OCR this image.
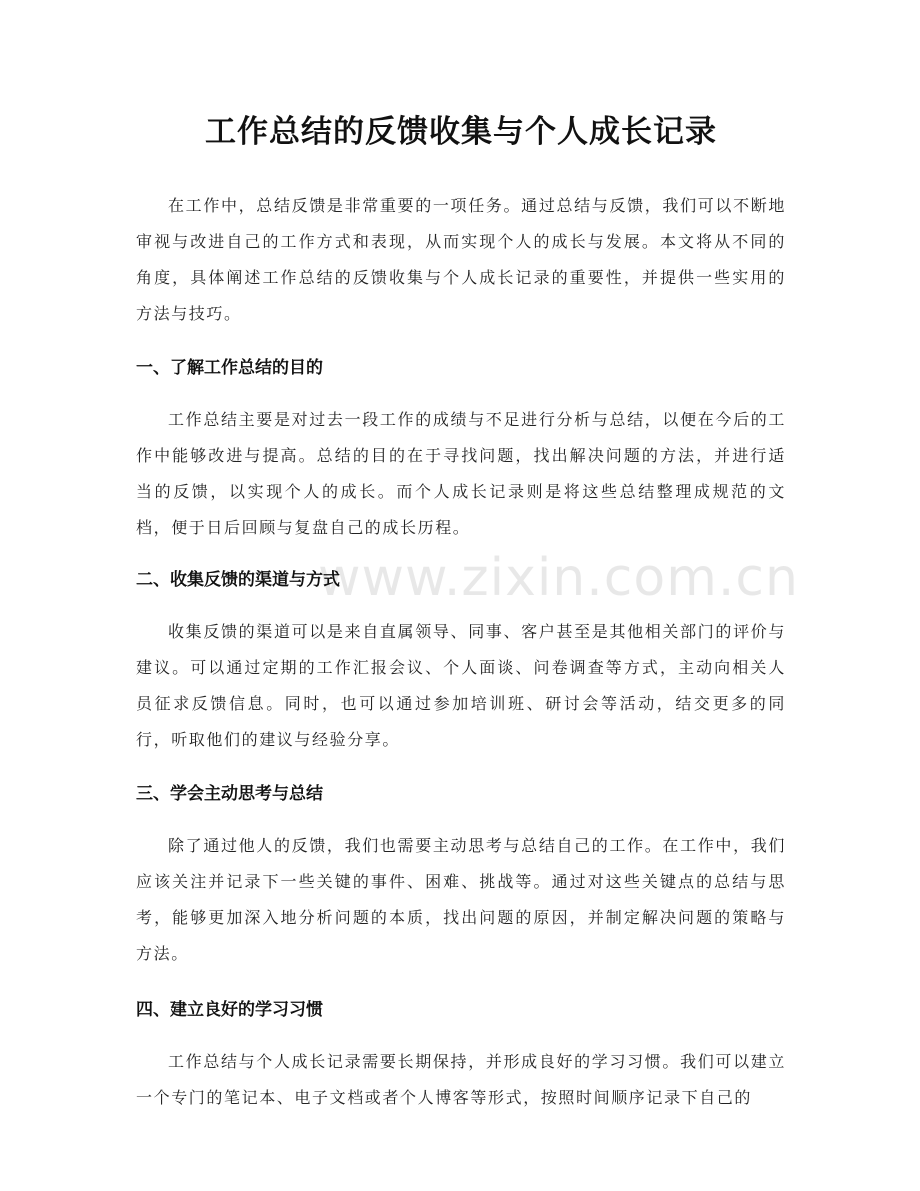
www.zixin.com.cn
工作总结的反馈收集与个人成长记录

在工作中，总结反馈是非常重要的一项任务。通过总结与反馈，我们可以不断地审视与改进自己的工作方式和表现，从而实现个人的成长与发展。本文将从不同的角度，具体阐述工作总结的反馈收集与个人成长记录的重要性，并提供一些实用的方法与技巧。

一、了解工作总结的目的

工作总结主要是对过去一段工作的成绩与不足进行分析与总结，以便在今后的工作中能够改进与提高。总结的目的在于寻找问题，找出解决问题的方法，并进行适当的反馈，以实现个人的成长。而个人成长记录则是将这些总结整理成规范的文档，便于日后回顾与复盘自己的成长历程。

二、收集反馈的渠道与方式

收集反馈的渠道可以是来自直属领导、同事、客户甚至是其他相关部门的评价与建议。可以通过定期的工作汇报会议、个人面谈、问卷调查等方式，主动向相关人员征求反馈信息。同时，也可以通过参加培训班、研讨会等活动，结交更多的同行，听取他们的建议与经验分享。

三、学会主动思考与总结

除了通过他人的反馈，我们也需要主动思考与总结自己的工作。在工作中，我们应该关注并记录下一些关键的事件、困难、挑战等。通过对这些关键点的总结与思考，能够更加深入地分析问题的本质，找出问题的原因，并制定解决问题的策略与方法。

四、建立良好的学习习惯

工作总结与个人成长记录需要长期保持，并形成良好的学习习惯。我们可以建立一个专门的笔记本、电子文档或者个人博客等形式，按照时间顺序记录下自己的
